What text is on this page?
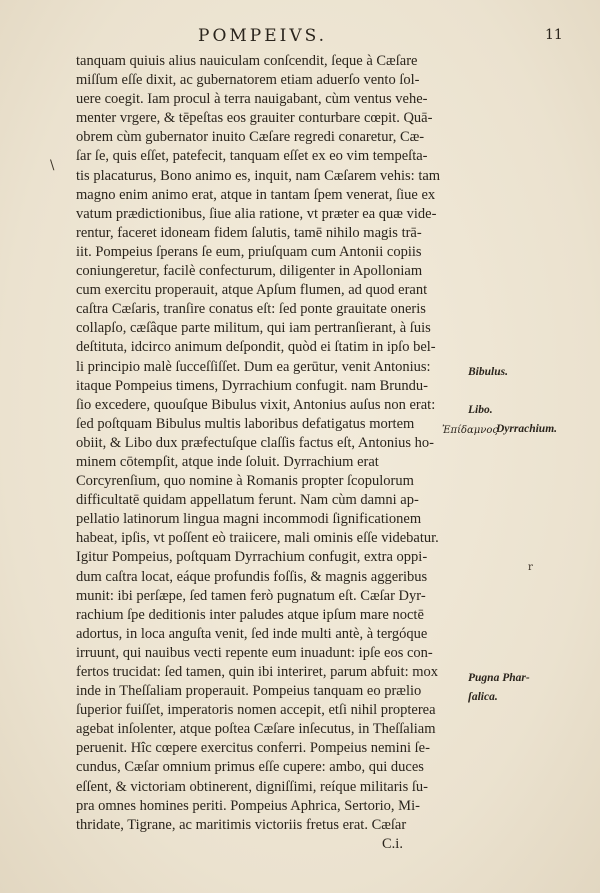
POMPEIVS.	11
\
r
tanquam quiuis alius nauiculam conſcendit, ſeque à Cæſare
miſſum eſſe dixit, ac gubernatorem etiam aduerſo vento ſol-
uere coegit. Iam procul à terra nauigabant, cùm ventus vehe-
menter vrgere, & tēpeſtas eos grauiter conturbare cœpit. Quā-
obrem cùm gubernator inuito Cæſare regredi conaretur, Cæ-
ſar ſe, quis eſſet, patefecit, tanquam eſſet ex eo vim tempeſta-
tis placaturus, Bono animo es, inquit, nam Cæſarem vehis: tam
magno enim animo erat, atque in tantam ſpem venerat, ſiue ex
vatum prædictionibus, ſiue alia ratione, vt præter ea quæ vide-
rentur, faceret idoneam fidem ſalutis, tamē nihilo magis trā-
iit. Pompeius ſperans ſe eum, priuſquam cum Antonii copiis
coniungeretur, facilè confecturum, diligenter in Apolloniam
cum exercitu properauit, atque Apſum flumen, ad quod erant
caſtra Cæſaris, tranſire conatus eſt: ſed ponte grauitate oneris
collapſo, cæſâque parte militum, qui iam pertranſierant, à ſuis
deſtituta, idcirco animum deſpondit, quòd ei ſtatim in ipſo bel-
li principio malè ſucceſſiſſet. Dum ea gerūtur, venit Antonius:
itaque Pompeius timens, Dyrrachium confugit. nam Brundu-
ſio excedere, quouſque Bibulus vixit, Antonius auſus non erat:
ſed poſtquam Bibulus multis laboribus defatigatus mortem
obiit, & Libo dux præfectuſque claſſis factus eſt, Antonius ho-
minem cōtempſit, atque inde ſoluit. Dyrrachium erat
Corcyrenſium, quo nomine à Romanis propter ſcopulorum
difficultatē quidam appellatum ferunt. Nam cùm damni ap-
pellatio latinorum lingua magni incommodi ſignificationem
habeat, ipſis, vt poſſent eò traiicere, mali ominis eſſe videbatur.
Igitur Pompeius, poſtquam Dyrrachium confugit, extra oppi-
dum caſtra locat, eáque profundis foſſis, & magnis aggeribus
munit: ibi perſæpe, ſed tamen ferò pugnatum eſt. Cæſar Dyr-
rachium ſpe deditionis inter paludes atque ipſum mare noctē
adortus, in loca anguſta venit, ſed inde multi antè, à tergóque
irruunt, qui nauibus vecti repente eum inuadunt: ipſe eos con-
fertos trucidat: ſed tamen, quin ibi interiret, parum abfuit: mox
inde in Theſſaliam properauit. Pompeius tanquam eo prælio
ſuperior fuiſſet, imperatoris nomen accepit, etſi nihil propterea
agebat inſolenter, atque poſtea Cæſare inſecutus, in Theſſaliam
peruenit. Hîc cœpere exercitus conferri. Pompeius nemini ſe-
cundus, Cæſar omnium primus eſſe cupere: ambo, qui duces
eſſent, & victoriam obtinerent, digniſſimi, reíque militaris ſu-
pra omnes homines periti. Pompeius Aphrica, Sertorio, Mi-
thridate, Tigrane, ac maritimis victoriis fretus erat. Cæſar
C.i.
Bibulus.
Libo.
Ἐπίδαμνος
Dyrrachium.
Pugna Phar-
ſalica.
